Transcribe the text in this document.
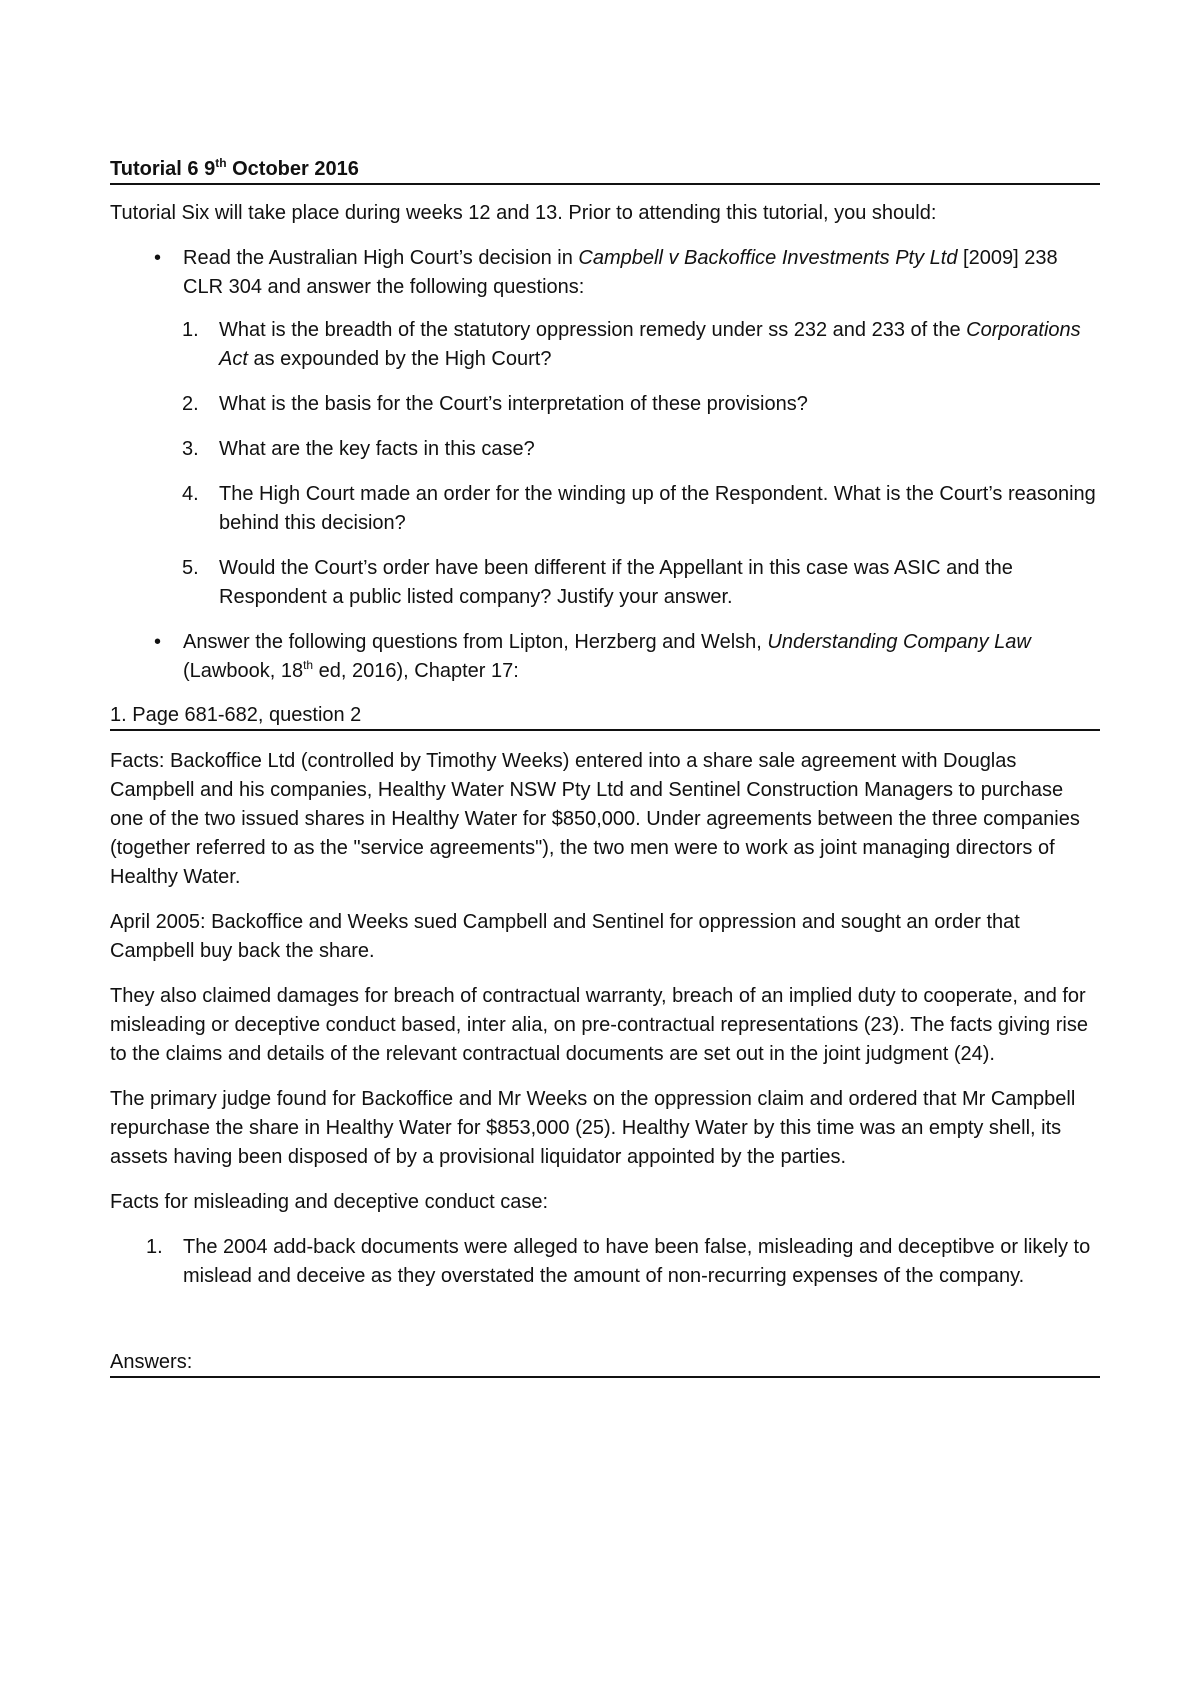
Tutorial 6 9th October 2016

Tutorial Six will take place during weeks 12 and 13. Prior to attending this tutorial, you should:

• Read the Australian High Court’s decision in Campbell v Backoffice Investments Pty Ltd [2009] 238 CLR 304 and answer the following questions:
1. What is the breadth of the statutory oppression remedy under ss 232 and 233 of the Corporations Act as expounded by the High Court?
2. What is the basis for the Court’s interpretation of these provisions?
3. What are the key facts in this case?
4. The High Court made an order for the winding up of the Respondent. What is the Court’s reasoning behind this decision?
5. Would the Court’s order have been different if the Appellant in this case was ASIC and the Respondent a public listed company? Justify your answer.
• Answer the following questions from Lipton, Herzberg and Welsh, Understanding Company Law (Lawbook, 18th ed, 2016), Chapter 17:
1. Page 681-682, question 2

Facts: Backoffice Ltd (controlled by Timothy Weeks) entered into a share sale agreement with Douglas Campbell and his companies, Healthy Water NSW Pty Ltd and Sentinel Construction Managers to purchase one of the two issued shares in Healthy Water for $850,000. Under agreements between the three companies (together referred to as the "service agreements"), the two men were to work as joint managing directors of Healthy Water.

April 2005: Backoffice and Weeks sued Campbell and Sentinel for oppression and sought an order that Campbell buy back the share.

They also claimed damages for breach of contractual warranty, breach of an implied duty to cooperate, and for misleading or deceptive conduct based, inter alia, on pre-contractual representations (23). The facts giving rise to the claims and details of the relevant contractual documents are set out in the joint judgment (24).

The primary judge found for Backoffice and Mr Weeks on the oppression claim and ordered that Mr Campbell repurchase the share in Healthy Water for $853,000 (25). Healthy Water by this time was an empty shell, its assets having been disposed of by a provisional liquidator appointed by the parties.

Facts for misleading and deceptive conduct case:

1. The 2004 add-back documents were alleged to have been false, misleading and deceptibve or likely to mislead and deceive as they overstated the amount of non-recurring expenses of the company.
Answers:
